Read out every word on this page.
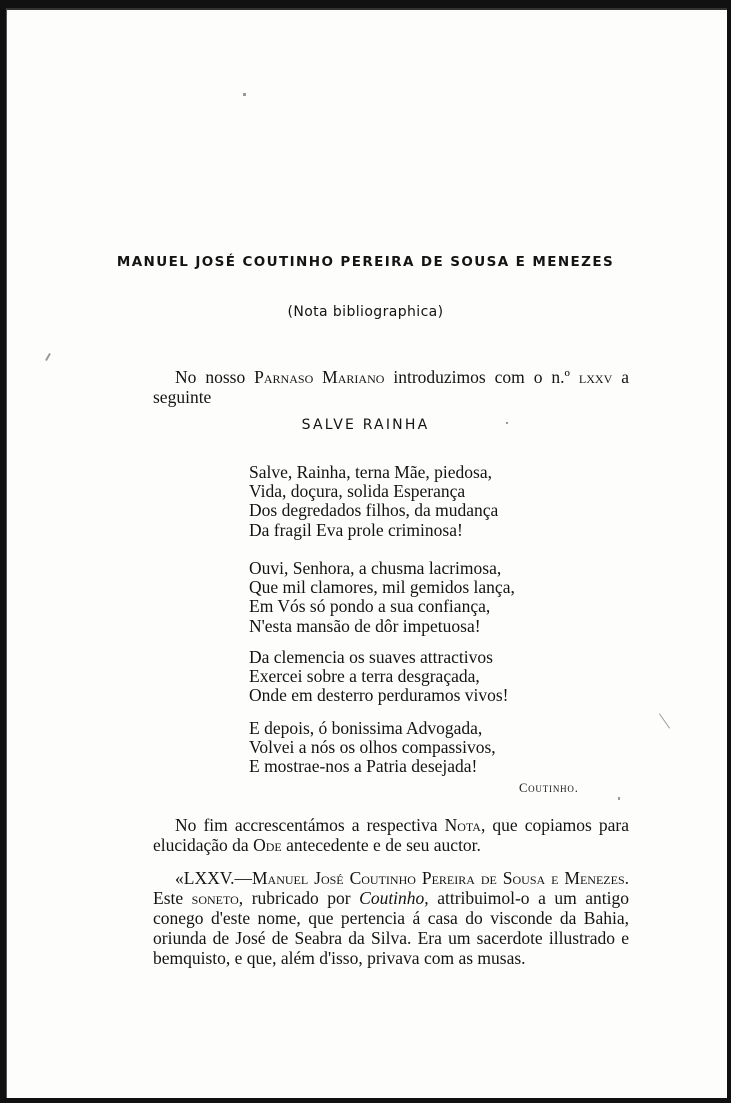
MANUEL JOSÉ COUTINHO PEREIRA DE SOUSA E MENEZES
(Nota bibliographica)
No nosso Parnaso Mariano introduzimos com o n.º lxxv a seguinte
SALVE RAINHA
Salve, Rainha, terna Mãe, piedosa,
Vida, doçura, solida Esperança
Dos degredados filhos, da mudança
Da fragil Eva prole criminosa!
Ouvi, Senhora, a chusma lacrimosa,
Que mil clamores, mil gemidos lança,
Em Vós só pondo a sua confiança,
N'esta mansão de dôr impetuosa!
Da clemencia os suaves attractivos
Exercei sobre a terra desgraçada,
Onde em desterro perduramos vivos!
E depois, ó bonissima Advogada,
Volvei a nós os olhos compassivos,
E mostrae-nos a Patria desejada!
Coutinho.
No fim accrescentámos a respectiva Nota, que copiamos para elucidação da Ode antecedente e de seu auctor.
«LXXV.—Manuel José Coutinho Pereira de Sousa e Menezes. Este soneto, rubricado por Coutinho, attribuimol-o a um antigo conego d'este nome, que pertencia á casa do visconde da Bahia, oriunda de José de Seabra da Silva. Era um sacerdote illustrado e bemquisto, e que, além d'isso, privava com as musas.
